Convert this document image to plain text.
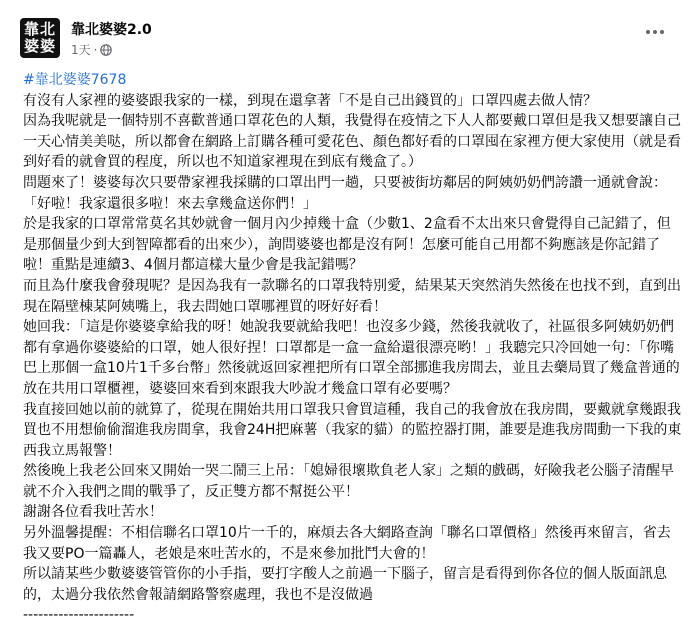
靠北
婆婆
靠北婆婆2.0
1天 ·
#靠北婆婆7678

有沒有人家裡的婆婆跟我家的一樣，到現在還拿著「不是自己出錢買的」口罩四處去做人情？

因為我呢就是一個特別不喜歡普通口罩花色的人類，我覺得在疫情之下人人都要戴口罩但是我又想要讓自己一天心情美美哒，所以都會在網路上訂購各種可愛花色、顏色都好看的口罩囤在家裡方便大家使用（就是看到好看的就會買的程度，所以也不知道家裡現在到底有幾盒了。）

問題來了！婆婆每次只要帶家裡我採購的口罩出門一趟，只要被街坊鄰居的阿姨奶奶們誇讚一通就會說：「好啦！我家還很多啦！來去拿幾盒送你們！」

於是我家的口罩常常莫名其妙就會一個月內少掉幾十盒（少數1、2盒看不太出來只會覺得自己記錯了，但是那個量少到大到智障都看的出來少），詢問婆婆也都是沒有阿！怎麼可能自己用都不夠應該是你記錯了啦！重點是連續3、4個月都這樣大量少會是我記錯嗎？

而且為什麼我會發現呢？是因為我有一款聯名的口罩我特別愛，結果某天突然消失然後在也找不到，直到出現在隔壁棟某阿姨嘴上，我去問她口罩哪裡買的呀好好看！

她回我：「這是你婆婆拿給我的呀！她說我要就給我吧！也沒多少錢，然後我就收了，社區很多阿姨奶奶們都有拿過你婆婆給的口罩，她人很好捏！口罩都是一盒一盒給還很漂亮哟！」我聽完只冷回她一句：「你嘴巴上那個一盒10片1千多台幣」然後就返回家裡把所有口罩全部挪進我房間去，並且去藥局買了幾盒普通的放在共用口罩櫃裡，婆婆回來看到來跟我大吵說才幾盒口罩有必要嗎？

我直接回她以前的就算了，從現在開始共用口罩我只會買這種，我自己的我會放在我房間，要戴就拿幾跟我買也不用想偷偷溜進我房間拿，我會24H把麻薯（我家的貓）的監控器打開，誰要是進我房間動一下我的東西我立馬報警！

然後晚上我老公回來又開始一哭二鬧三上吊：「媳婦很壞欺負老人家」之類的戲碼，好險我老公腦子清醒早就不介入我們之間的戰爭了，反正雙方都不幫挺公平！

謝謝各位看我吐苦水！

另外溫馨提醒：不相信聯名口罩10片一千的，麻煩去各大網路查詢「聯名口罩價格」然後再來留言，省去我又要PO一篇轟人，老娘是來吐苦水的，不是來參加批鬥大會的！

所以請某些少數婆婆管管你的小手指，要打字酸人之前過一下腦子，留言是看得到你各位的個人版面訊息的，太過分我依然會報請網路警察處理，我也不是沒做過

----------------------
